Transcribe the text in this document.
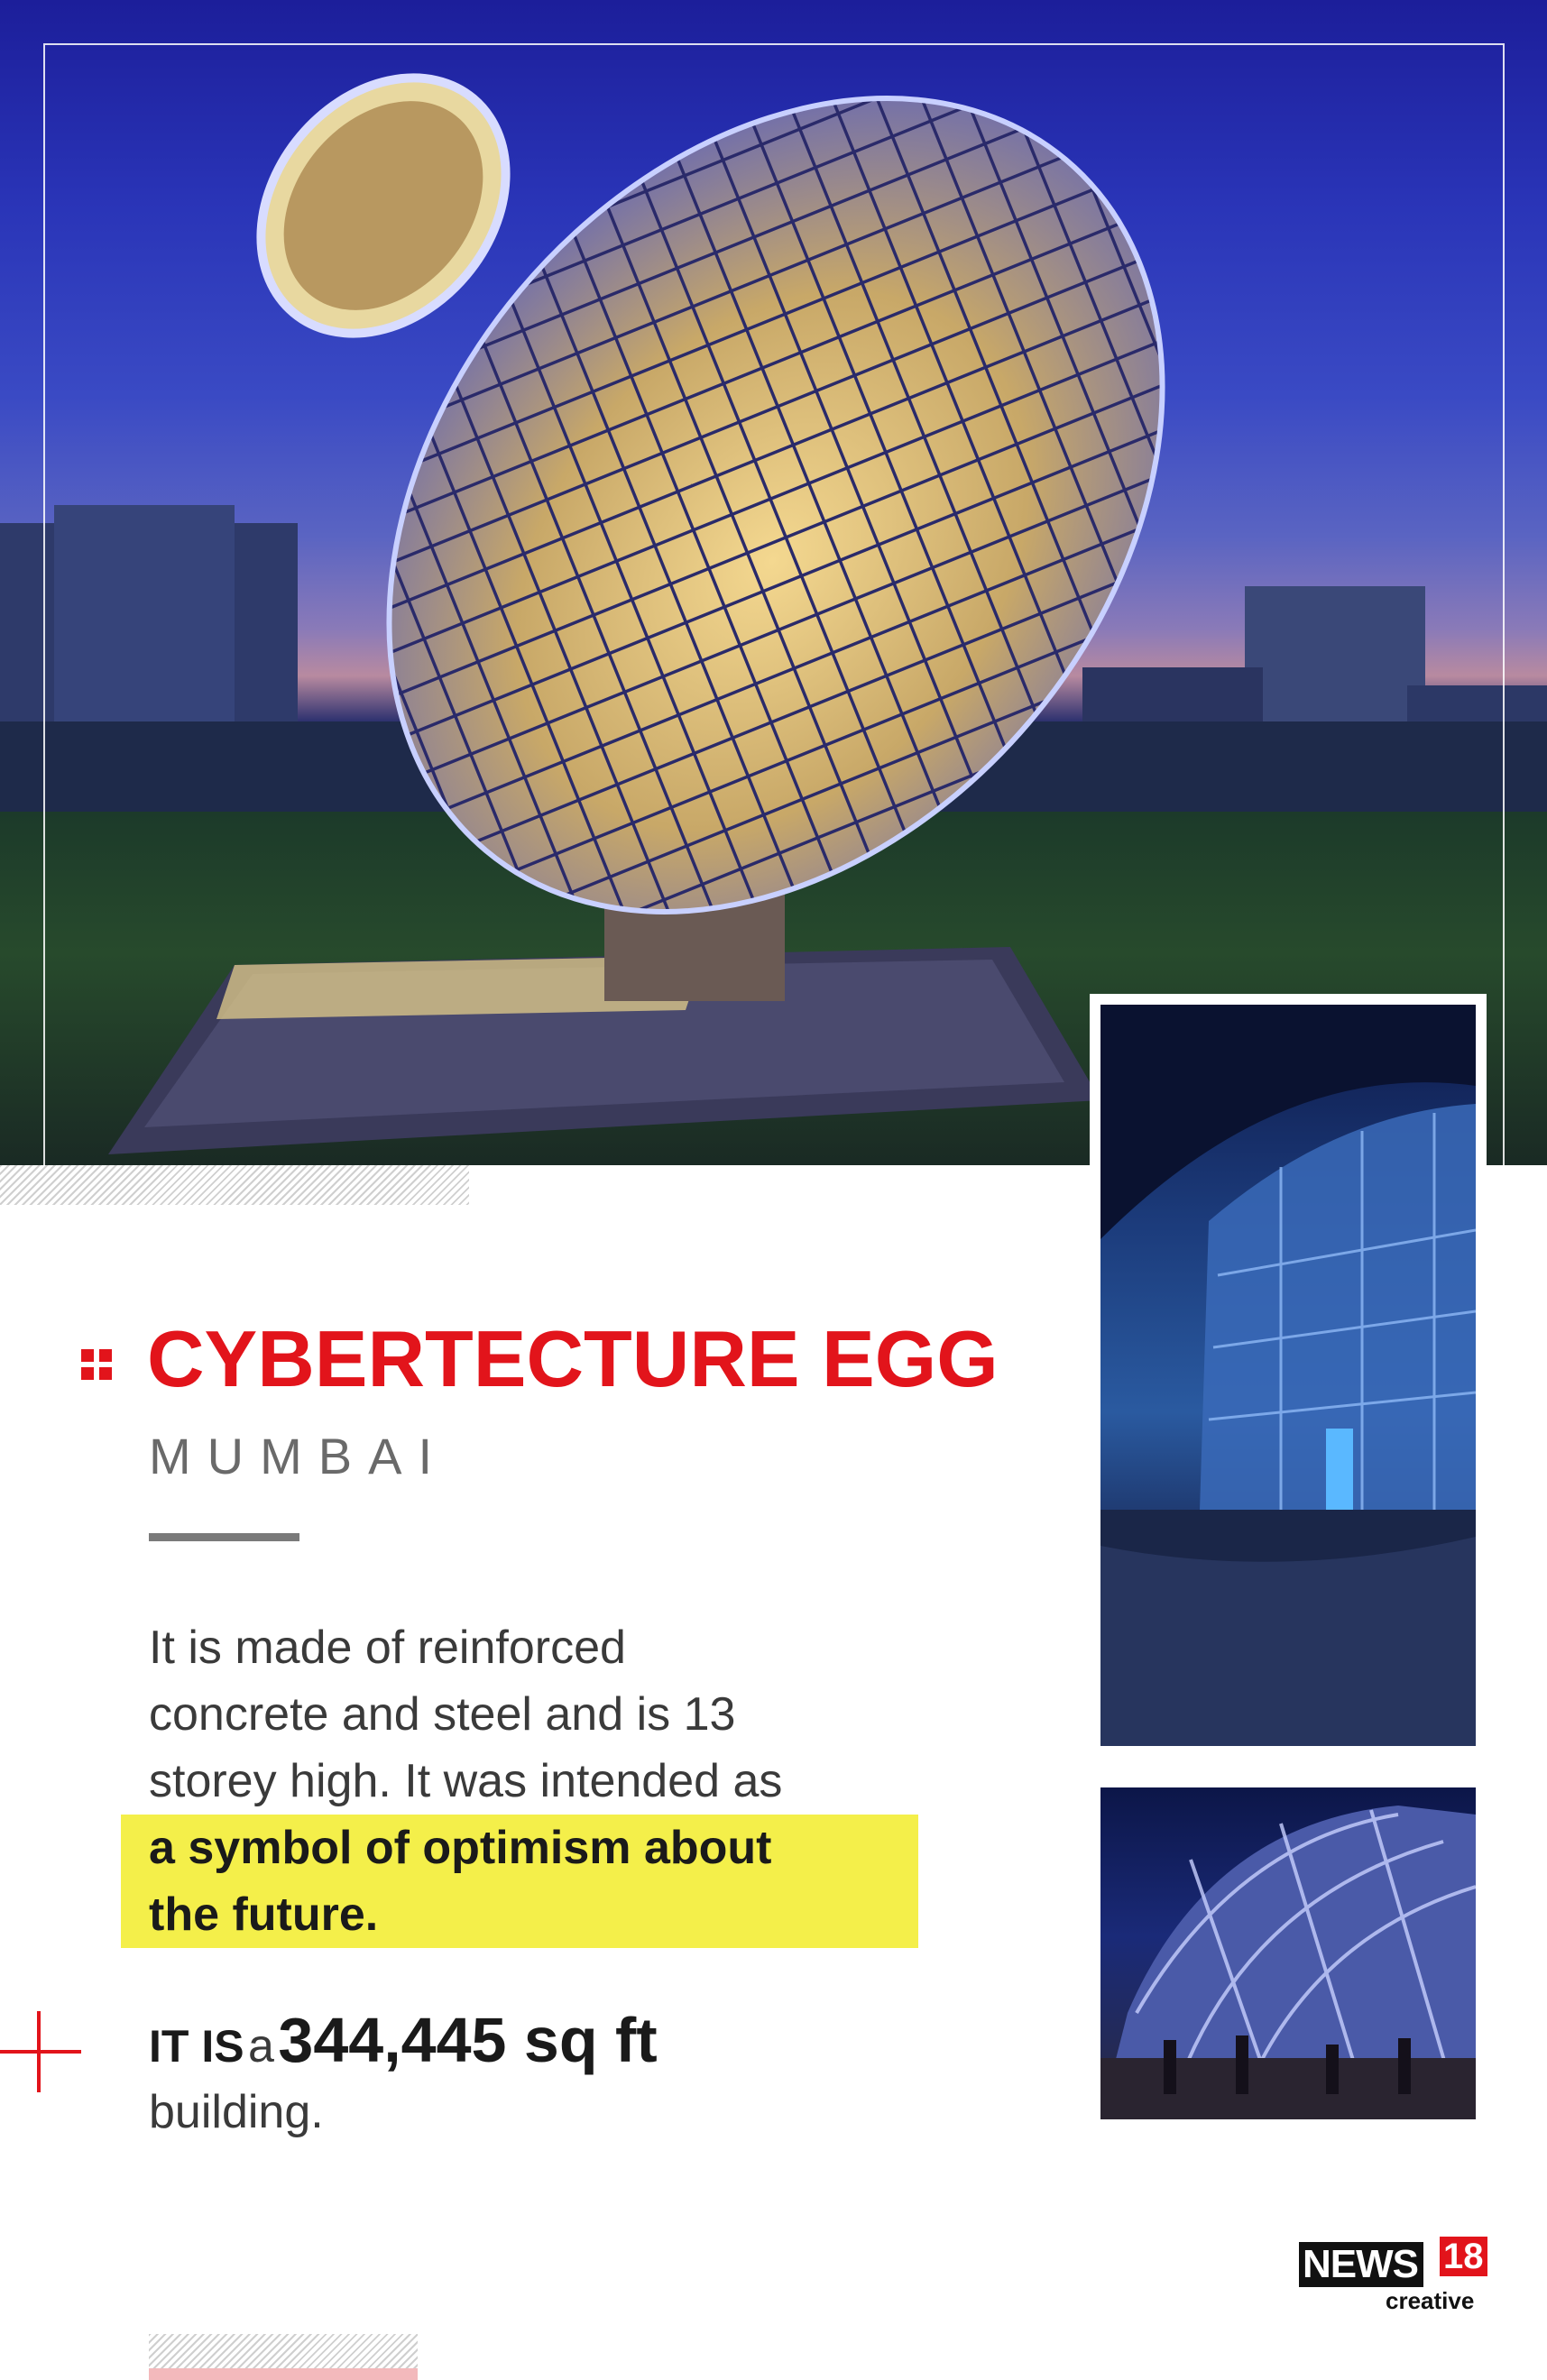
CYBERTECTURE EGG
MUMBAI
It is made of reinforced
concrete and steel and is 13
storey high. It was intended as
a symbol of optimism about
the future.
IT IS a 344,445 sq ft
building.
NEWS 18
creative
